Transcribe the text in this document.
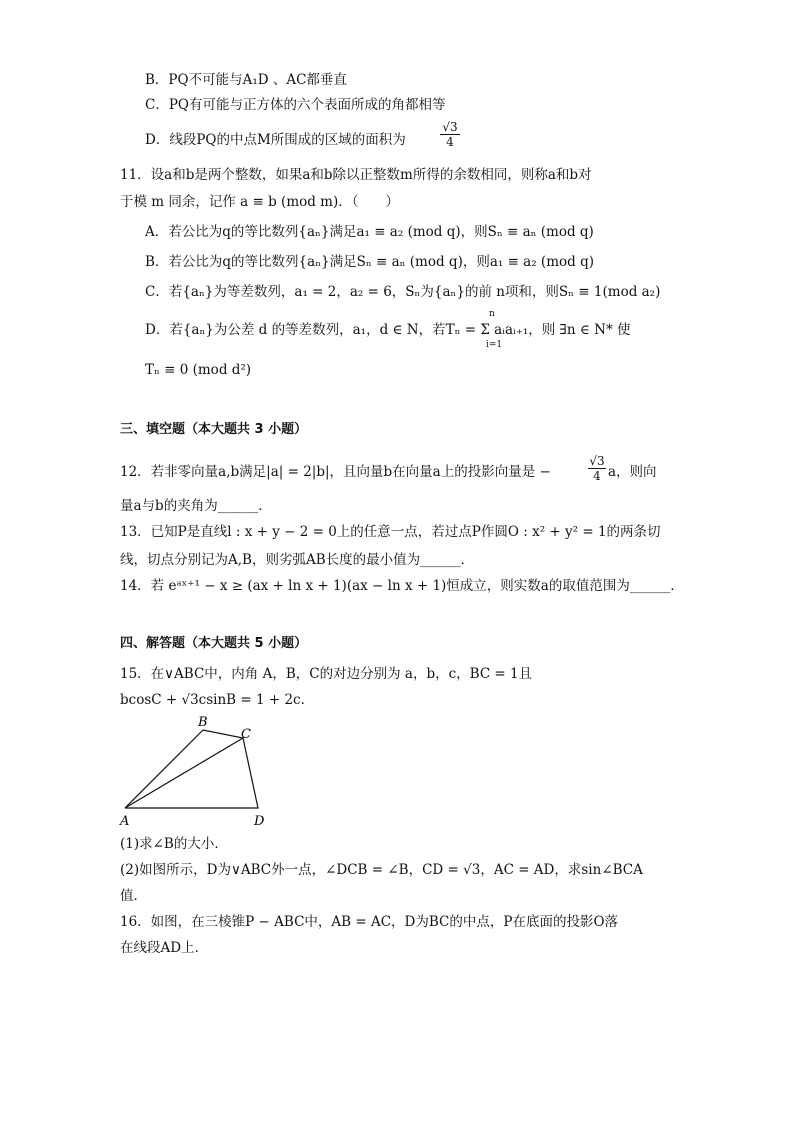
B．PQ不可能与A₁D 、AC都垂直
C．PQ有可能与正方体的六个表面所成的角都相等
D．线段PQ的中点M所围成的区域的面积为	$\frac{√3}{4}$
11．设a和b是两个整数，如果a和b除以正整数m所得的余数相同，则称a和b对
于模 m 同余，记作 a ≡ b (mod m)．（　　）
A．若公比为q的等比数列{aₙ}满足a₁ ≡ a₂ (mod q)，则Sₙ ≡ aₙ (mod q)
B．若公比为q的等比数列{aₙ}满足Sₙ ≡ aₙ (mod q)，则a₁ ≡ a₂ (mod q)
C．若{aₙ}为等差数列，a₁ = 2，a₂ = 6，Sₙ为{aₙ}的前 n项和，则Sₙ ≡ 1(mod a₂)
D．若{aₙ}为公差 d 的等差数列，a₁，d ∈ N，若Tₙ = Σ aᵢaᵢ₊₁，则 ∃n ∈ N* 使
n
i=1
Tₙ ≡ 0 (mod d²)
三、填空题（本大题共 3 小题）
12．若非零向量a,b满足|a| = 2|b|，且向量b在向量a上的投影向量是 −	$\frac{√3}{4}$ a，则向
量a与b的夹角为______．
13．已知P是直线l : x + y − 2 = 0上的任意一点，若过点P作圆O : x² + y² = 1的两条切
线，切点分别记为A,B，则劣弧AB长度的最小值为______．
14．若 eᵃˣ⁺¹ − x ≥ (ax + ln x + 1)(ax − ln x + 1)恒成立，则实数a的取值范围为______．
四、解答题（本大题共 5 小题）
15．在∨ABC中，内角 A，B，C的对边分别为 a，b，c，BC = 1且
bcosC + √3csinB = 1 + 2c．
A
B
C
D
(1)求∠B的大小．
(2)如图所示，D为∨ABC外一点，∠DCB = ∠B，CD = √3，AC = AD，求sin∠BCA
值．
16．如图，在三棱锥P − ABC中，AB = AC，D为BC的中点，P在底面的投影O落
在线段AD上．
